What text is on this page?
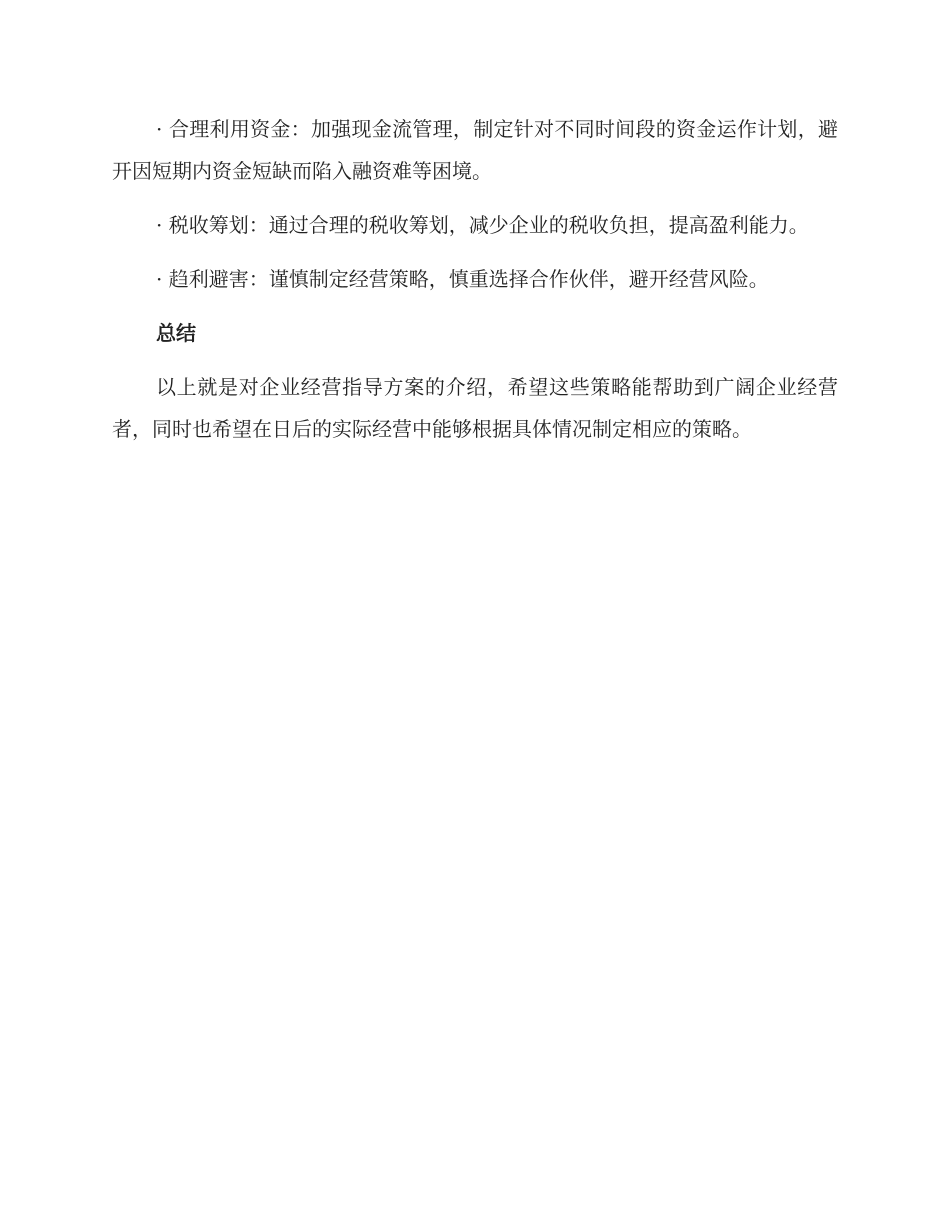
· 合理利用资金：加强现金流管理，制定针对不同时间段的资金运作计划，避开因短期内资金短缺而陷入融资难等困境。

· 税收筹划：通过合理的税收筹划，减少企业的税收负担，提高盈利能力。

· 趋利避害：谨慎制定经营策略，慎重选择合作伙伴，避开经营风险。

总结

以上就是对企业经营指导方案的介绍，希望这些策略能帮助到广阔企业经营者，同时也希望在日后的实际经营中能够根据具体情况制定相应的策略。
